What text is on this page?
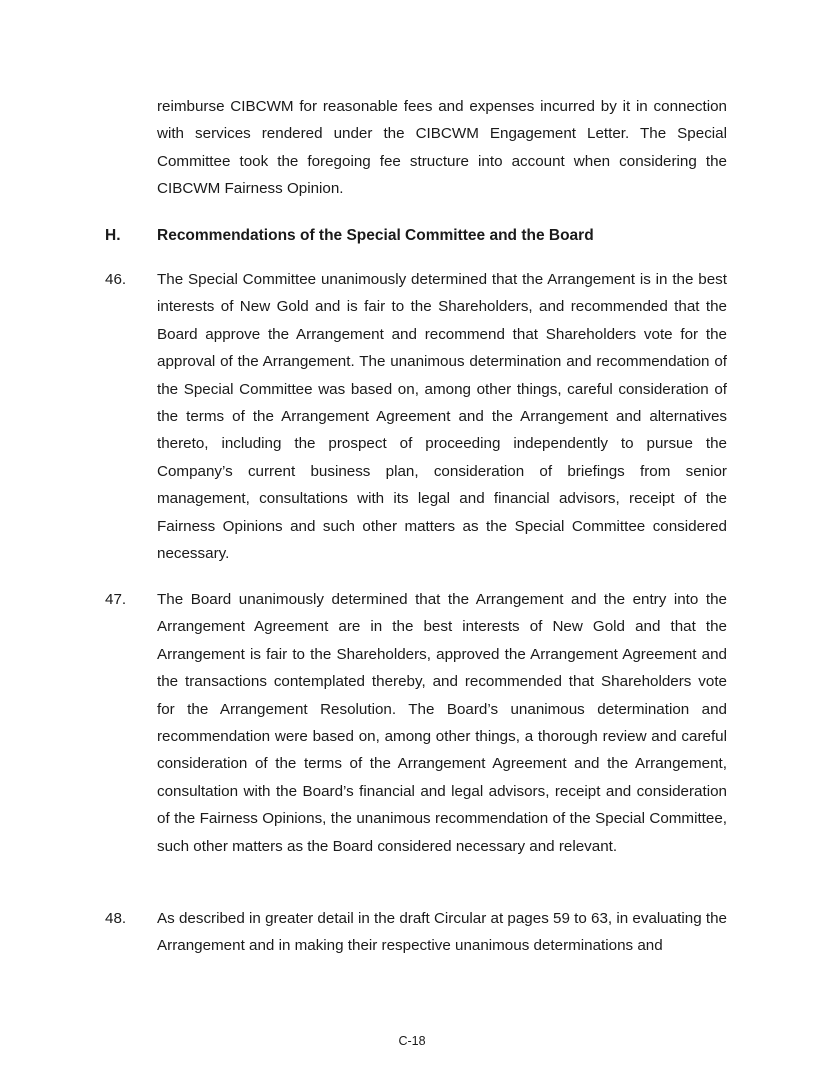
reimburse CIBCWM for reasonable fees and expenses incurred by it in connection with services rendered under the CIBCWM Engagement Letter. The Special Committee took the foregoing fee structure into account when considering the CIBCWM Fairness Opinion.

H. Recommendations of the Special Committee and the Board
46. The Special Committee unanimously determined that the Arrangement is in the best interests of New Gold and is fair to the Shareholders, and recommended that the Board approve the Arrangement and recommend that Shareholders vote for the approval of the Arrangement. The unanimous determination and recommendation of the Special Committee was based on, among other things, careful consideration of the terms of the Arrangement Agreement and the Arrangement and alternatives thereto, including the prospect of proceeding independently to pursue the Company’s current business plan, consideration of briefings from senior management, consultations with its legal and financial advisors, receipt of the Fairness Opinions and such other matters as the Special Committee considered necessary.

47. The Board unanimously determined that the Arrangement and the entry into the Arrangement Agreement are in the best interests of New Gold and that the Arrangement is fair to the Shareholders, approved the Arrangement Agreement and the transactions contemplated thereby, and recommended that Shareholders vote for the Arrangement Resolution. The Board’s unanimous determination and recommendation were based on, among other things, a thorough review and careful consideration of the terms of the Arrangement Agreement and the Arrangement, consultation with the Board’s financial and legal advisors, receipt and consideration of the Fairness Opinions, the unanimous recommendation of the Special Committee, such other matters as the Board considered necessary and relevant.

48. As described in greater detail in the draft Circular at pages 59 to 63, in evaluating the Arrangement and in making their respective unanimous determinations and

C-18
